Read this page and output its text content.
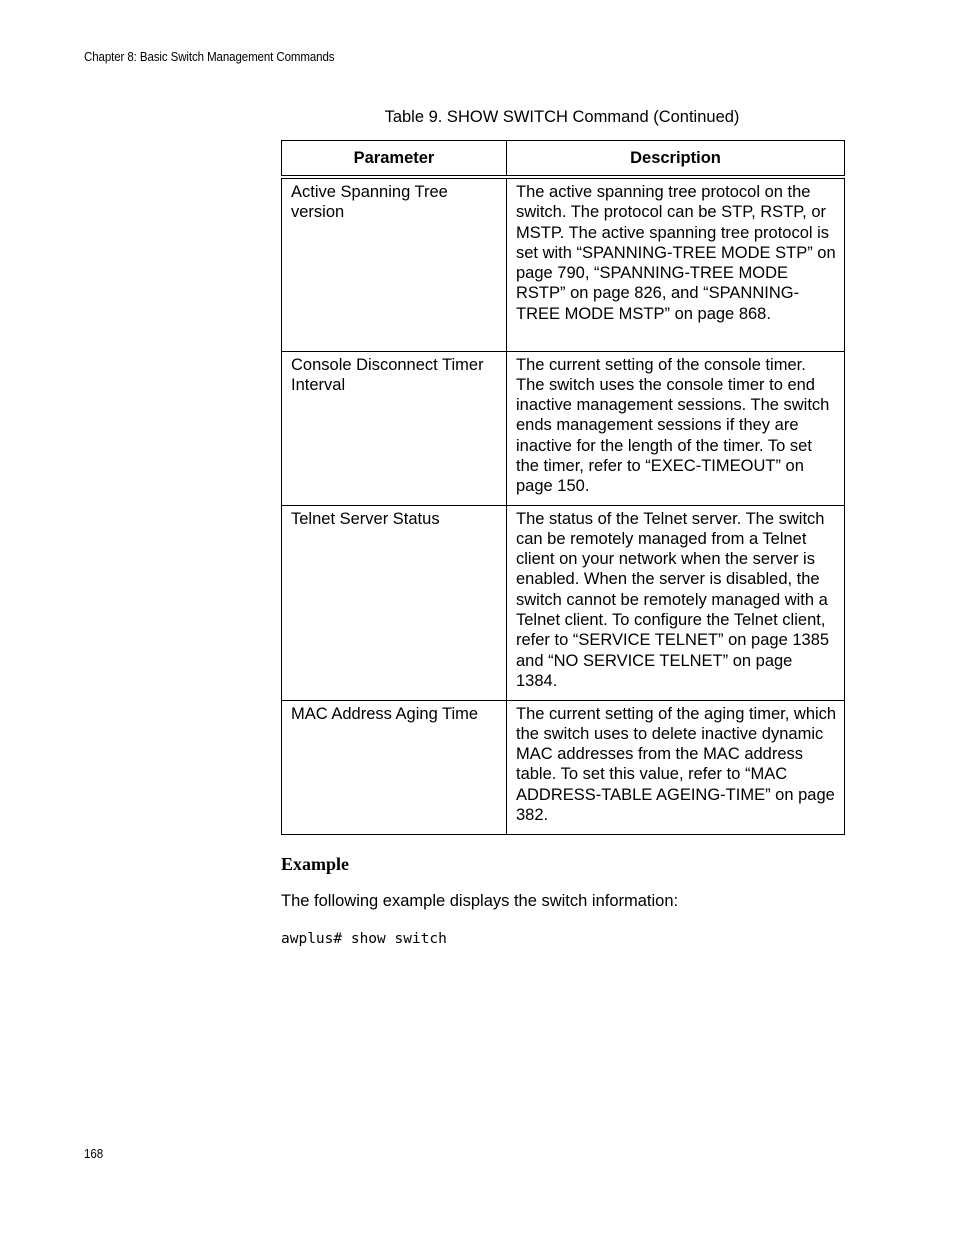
Chapter 8: Basic Switch Management Commands
Table 9. SHOW SWITCH Command (Continued)
Parameter	Description
Active Spanning Tree version	The active spanning tree protocol on the switch. The protocol can be STP, RSTP, or MSTP. The active spanning tree protocol is set with “SPANNING-TREE MODE STP” on page 790, “SPANNING-TREE MODE RSTP” on page 826, and “SPANNING-TREE MODE MSTP” on page 868.
Console Disconnect Timer Interval	The current setting of the console timer. The switch uses the console timer to end inactive management sessions. The switch ends management sessions if they are inactive for the length of the timer. To set the timer, refer to “EXEC-TIMEOUT” on page 150.
Telnet Server Status	The status of the Telnet server. The switch can be remotely managed from a Telnet client on your network when the server is enabled. When the server is disabled, the switch cannot be remotely managed with a Telnet client. To configure the Telnet client, refer to “SERVICE TELNET” on page 1385 and “NO SERVICE TELNET” on page 1384.
MAC Address Aging Time	The current setting of the aging timer, which the switch uses to delete inactive dynamic MAC addresses from the MAC address table. To set this value, refer to “MAC ADDRESS-TABLE AGEING-TIME” on page 382.
Example
The following example displays the switch information:
awplus# show switch
168
